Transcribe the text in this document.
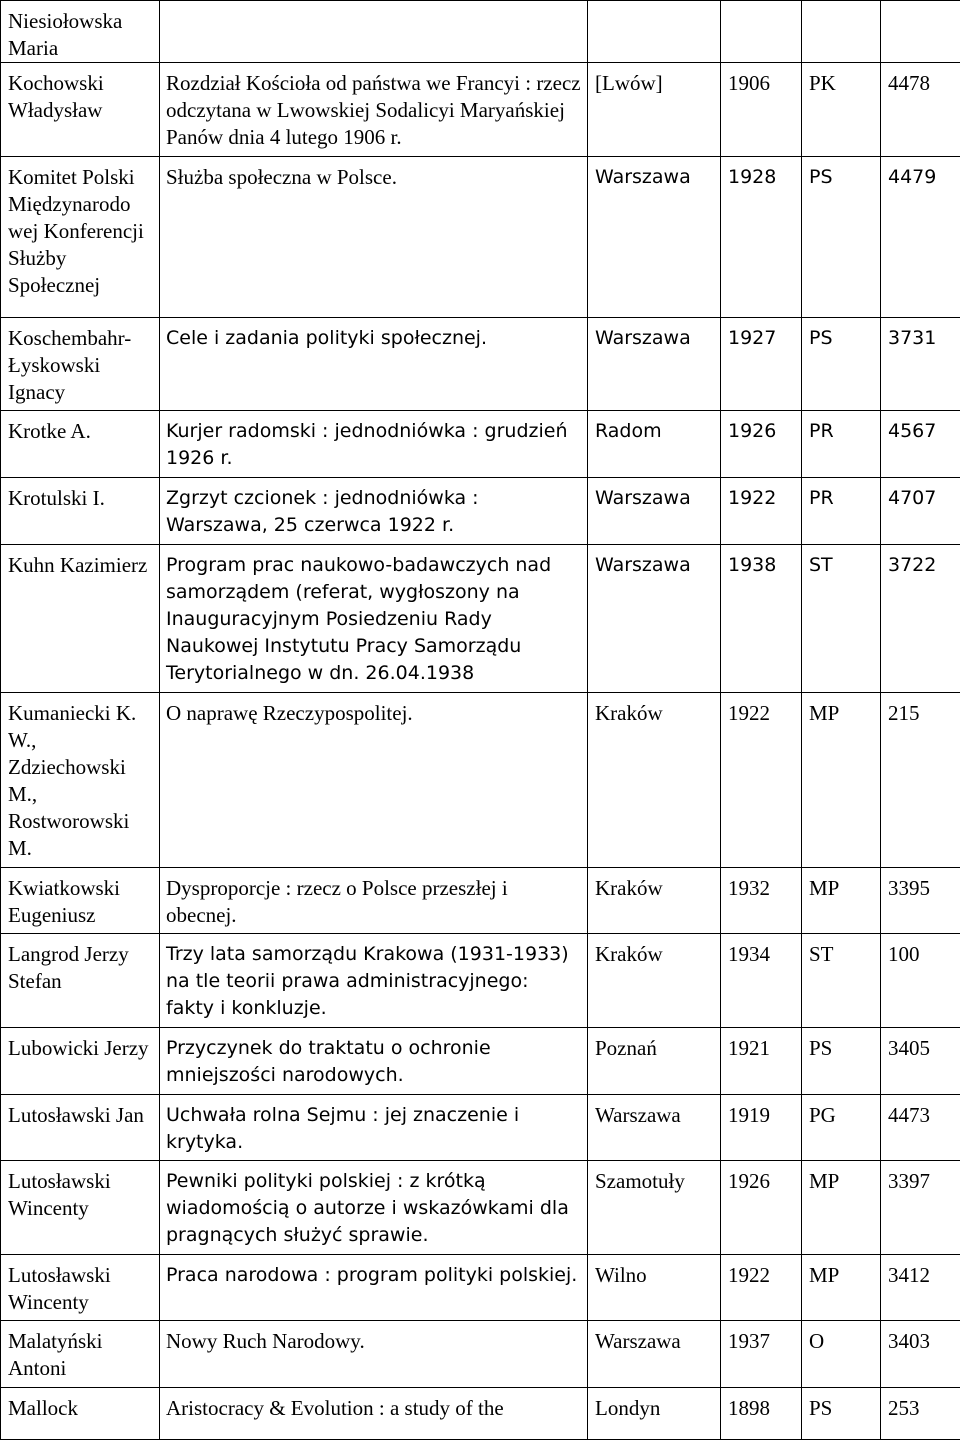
Niesiołowska Maria					
Kochowski Władysław	Rozdział Kościoła od państwa we Francyi : rzecz odczytana w Lwowskiej Sodalicyi Maryańskiej Panów dnia 4 lutego 1906 r.	[Lwów]	1906	PK	4478
Komitet Polski Międzynarodo wej Konferencji Służby Społecznej	Służba społeczna w Polsce.	Warszawa	1928	PS	4479
Koschembahr-Łyskowski Ignacy	Cele i zadania polityki społecznej.	Warszawa	1927	PS	3731
Krotke A.	Kurjer radomski : jednodniówka : grudzień 1926 r.	Radom	1926	PR	4567
Krotulski I.	Zgrzyt czcionek : jednodniówka : Warszawa, 25 czerwca 1922 r.	Warszawa	1922	PR	4707
Kuhn Kazimierz	Program prac naukowo-badawczych nad samorządem (referat, wygłoszony na Inauguracyjnym Posiedzeniu Rady Naukowej Instytutu Pracy Samorządu Terytorialnego w dn. 26.04.1938	Warszawa	1938	ST	3722
Kumaniecki K. W., Zdziechowski M., Rostworowski M.	O naprawę Rzeczypospolitej.	Kraków	1922	MP	215
Kwiatkowski Eugeniusz	Dysproporcje : rzecz o Polsce przeszłej i obecnej.	Kraków	1932	MP	3395
Langrod Jerzy Stefan	Trzy lata samorządu Krakowa (1931-1933) na tle teorii prawa administracyjnego: fakty i konkluzje.	Kraków	1934	ST	100
Lubowicki Jerzy	Przyczynek do traktatu o ochronie mniejszości narodowych.	Poznań	1921	PS	3405
Lutosławski Jan	Uchwała rolna Sejmu : jej znaczenie i krytyka.	Warszawa	1919	PG	4473
Lutosławski Wincenty	Pewniki polityki polskiej : z krótką wiadomością o autorze i wskazówkami dla pragnących służyć sprawie.	Szamotuły	1926	MP	3397
Lutosławski Wincenty	Praca narodowa : program polityki polskiej.	Wilno	1922	MP	3412
Malatyński Antoni	Nowy Ruch Narodowy.	Warszawa	1937	O	3403
Mallock	Aristocracy & Evolution : a study of the	Londyn	1898	PS	253
